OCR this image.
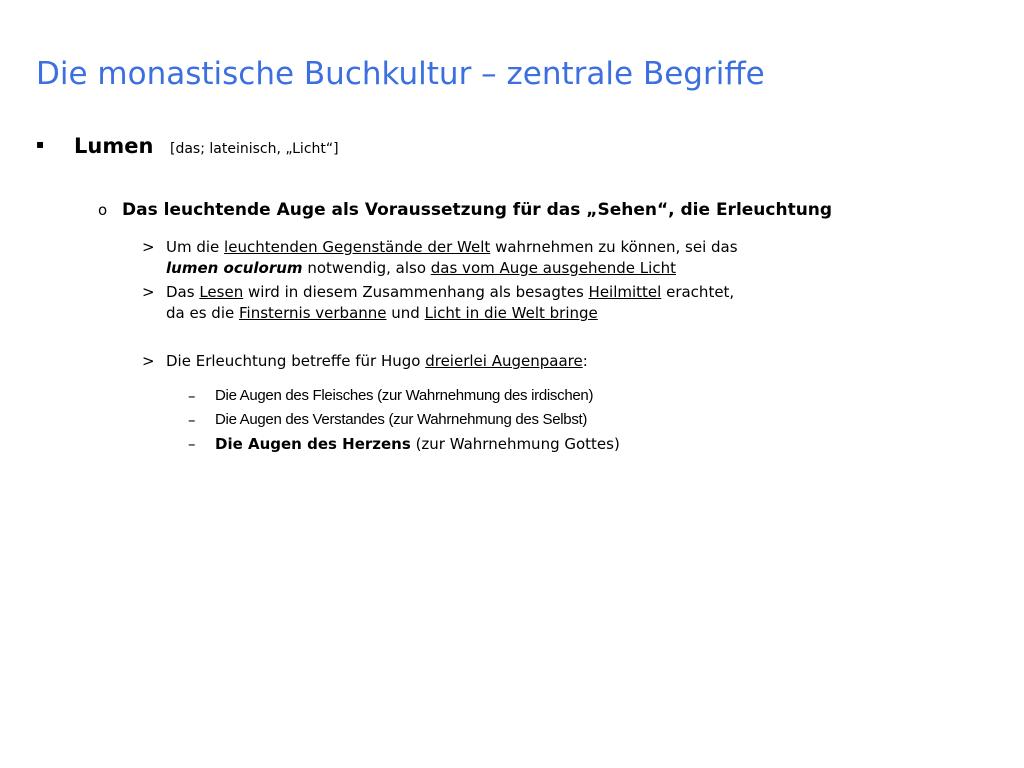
Die monastische Buchkultur – zentrale Begriffe
▪ Lumen [das; lateinisch, „Licht“]
o Das leuchtende Auge als Voraussetzung für das „Sehen“, die Erleuchtung
> Um die leuchtenden Gegenstände der Welt wahrnehmen zu können, sei das
lumen oculorum notwendig, also das vom Auge ausgehende Licht
> Das Lesen wird in diesem Zusammenhang als besagtes Heilmittel erachtet,
da es die Finsternis verbanne und Licht in die Welt bringe
> Die Erleuchtung betreffe für Hugo dreierlei Augenpaare:
– Die Augen des Fleisches (zur Wahrnehmung des irdischen)
– Die Augen des Verstandes (zur Wahrnehmung des Selbst)
– Die Augen des Herzens (zur Wahrnehmung Gottes)
